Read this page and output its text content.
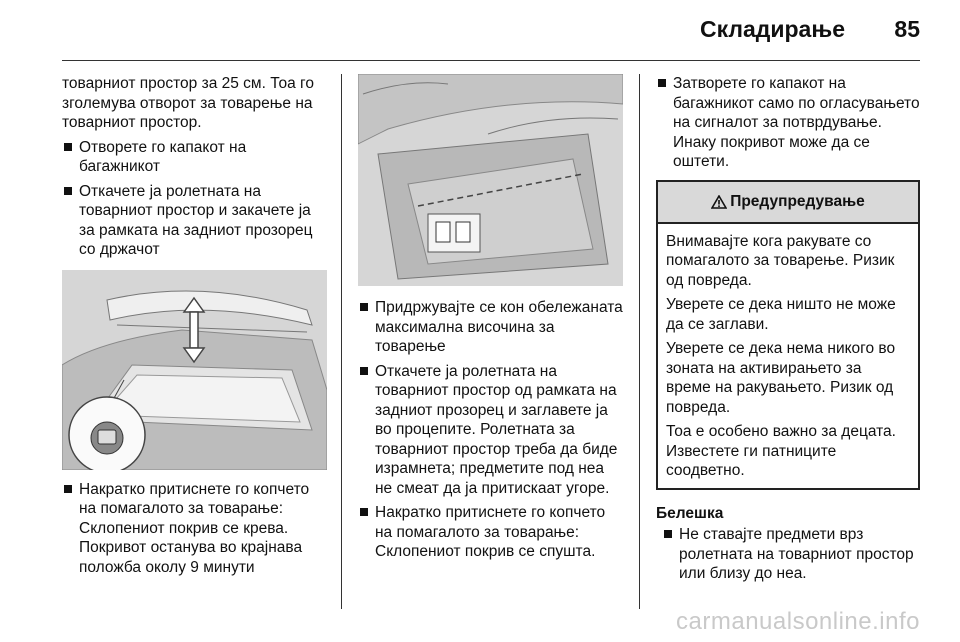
Складирање 85

товарниот простор за 25 см. Тоа го зголемува отворот за товарење на товарниот простор.

Отворете го капакот на багажникот
Откачете ја ролетната на товарниот простор и закачете ја за рамката на задниот прозорец со држачот
Накратко притиснете го копчето на помагалото за товарање: Склопениот покрив се крева. Покривот останува во крајнава положба околу 9 минути
Придржувајте се кон обележаната максимална височина за товарење
Откачете ја ролетната на товарниот простор од рамката на задниот прозорец и заглавете ја во процепите. Ролетната за товарниот простор треба да биде израмнета; предметите под неа не смеат да ја притискаат угоре.
Накратко притиснете го копчето на помагалото за товарање: Склопениот покрив се спушта.
Затворете го капакот на багажникот само по огласувањето на сигналот за потврдување. Инаку покривот може да се оштети.
Предупредување

Внимавајте кога ракувате со помагалото за товарење. Ризик од повреда.

Уверете се дека ништо не може да се заглави.

Уверете се дека нема никого во зоната на активирањето за време на ракувањето. Ризик од повреда.

Тоа е особено важно за децата. Известете ги патниците соодветно.

Белешка
Не ставајте предмети врз ролетната на товарниот простор или близу до неа.
carmanualsonline.info
